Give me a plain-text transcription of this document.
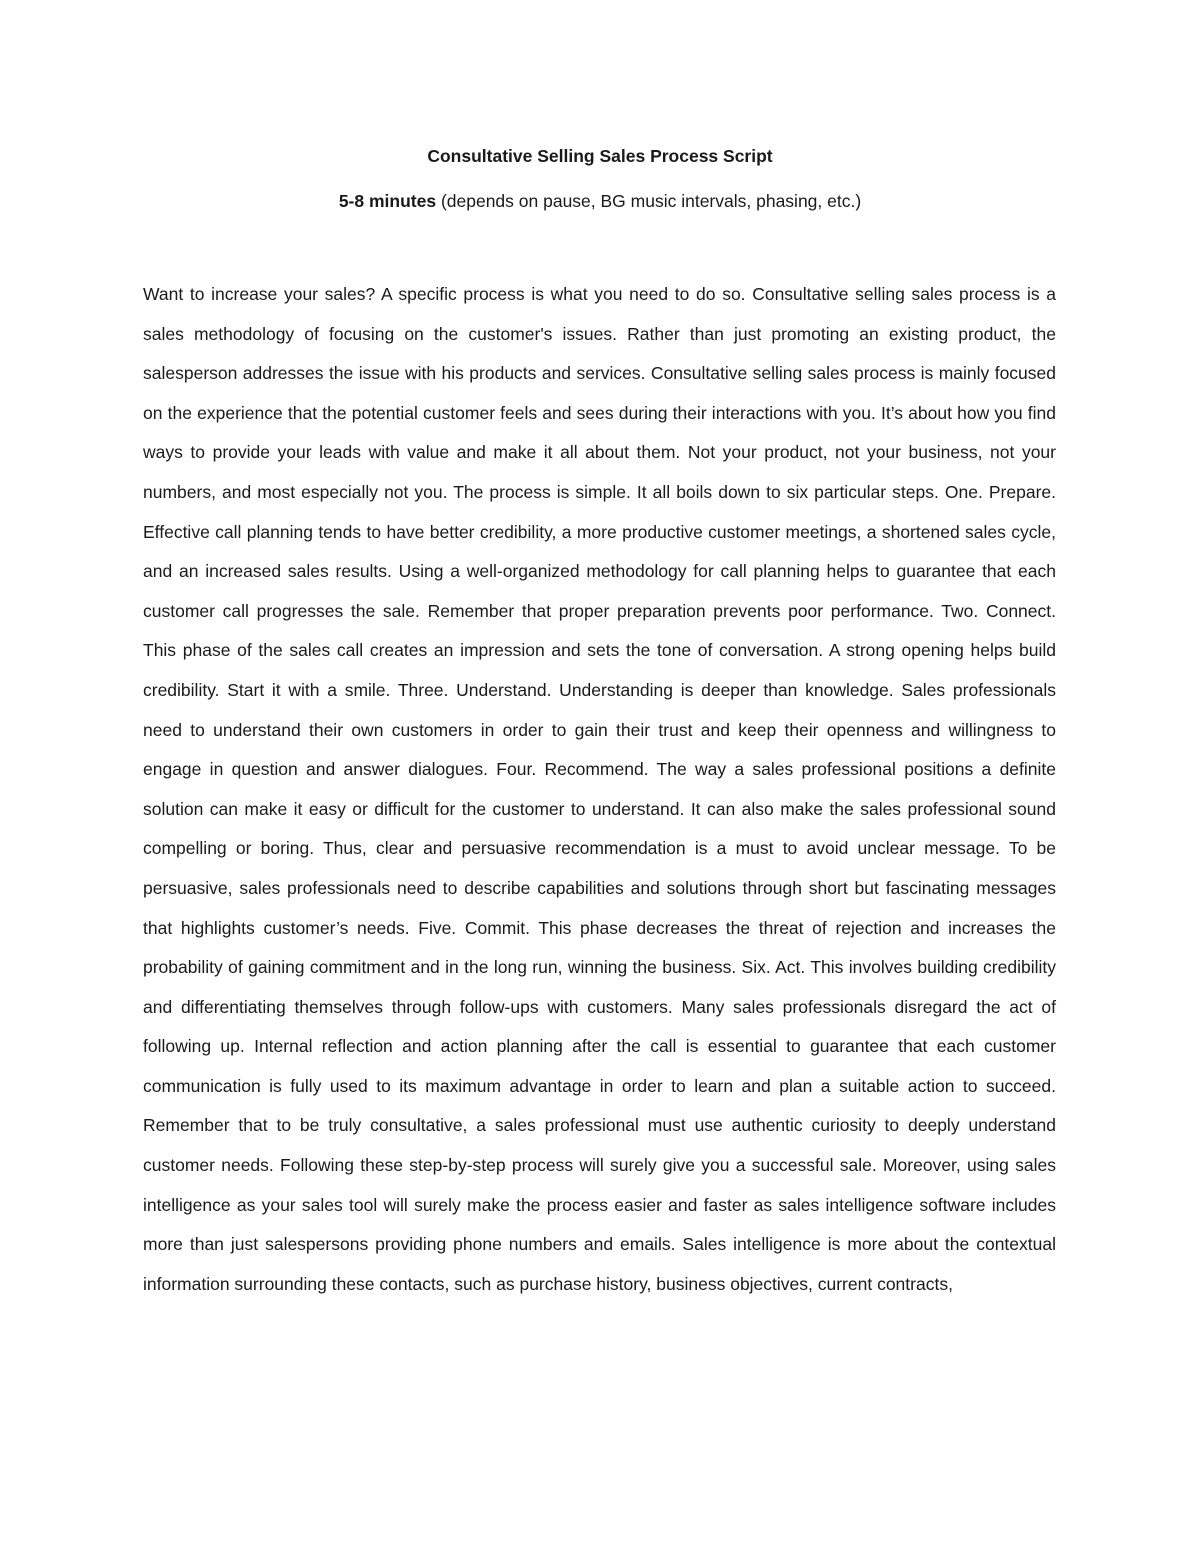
Consultative Selling Sales Process Script
5-8 minutes (depends on pause, BG music intervals, phasing, etc.)

Want to increase your sales? A specific process is what you need to do so. Consultative selling sales process is a sales methodology of focusing on the customer's issues. Rather than just promoting an existing product, the salesperson addresses the issue with his products and services. Consultative selling sales process is mainly focused on the experience that the potential customer feels and sees during their interactions with you. It’s about how you find ways to provide your leads with value and make it all about them. Not your product, not your business, not your numbers, and most especially not you. The process is simple. It all boils down to six particular steps. One. Prepare. Effective call planning tends to have better credibility, a more productive customer meetings, a shortened sales cycle, and an increased sales results. Using a well-organized methodology for call planning helps to guarantee that each customer call progresses the sale. Remember that proper preparation prevents poor performance. Two. Connect. This phase of the sales call creates an impression and sets the tone of conversation. A strong opening helps build credibility. Start it with a smile. Three. Understand. Understanding is deeper than knowledge. Sales professionals need to understand their own customers in order to gain their trust and keep their openness and willingness to engage in question and answer dialogues. Four. Recommend. The way a sales professional positions a definite solution can make it easy or difficult for the customer to understand. It can also make the sales professional sound compelling or boring. Thus, clear and persuasive recommendation is a must to avoid unclear message. To be persuasive, sales professionals need to describe capabilities and solutions through short but fascinating messages that highlights customer’s needs. Five. Commit. This phase decreases the threat of rejection and increases the probability of gaining commitment and in the long run, winning the business. Six. Act. This involves building credibility and differentiating themselves through follow-ups with customers. Many sales professionals disregard the act of following up. Internal reflection and action planning after the call is essential to guarantee that each customer communication is fully used to its maximum advantage in order to learn and plan a suitable action to succeed. Remember that to be truly consultative, a sales professional must use authentic curiosity to deeply understand customer needs. Following these step-by-step process will surely give you a successful sale. Moreover, using sales intelligence as your sales tool will surely make the process easier and faster as sales intelligence software includes more than just salespersons providing phone numbers and emails. Sales intelligence is more about the contextual information surrounding these contacts, such as purchase history, business objectives, current contracts,
